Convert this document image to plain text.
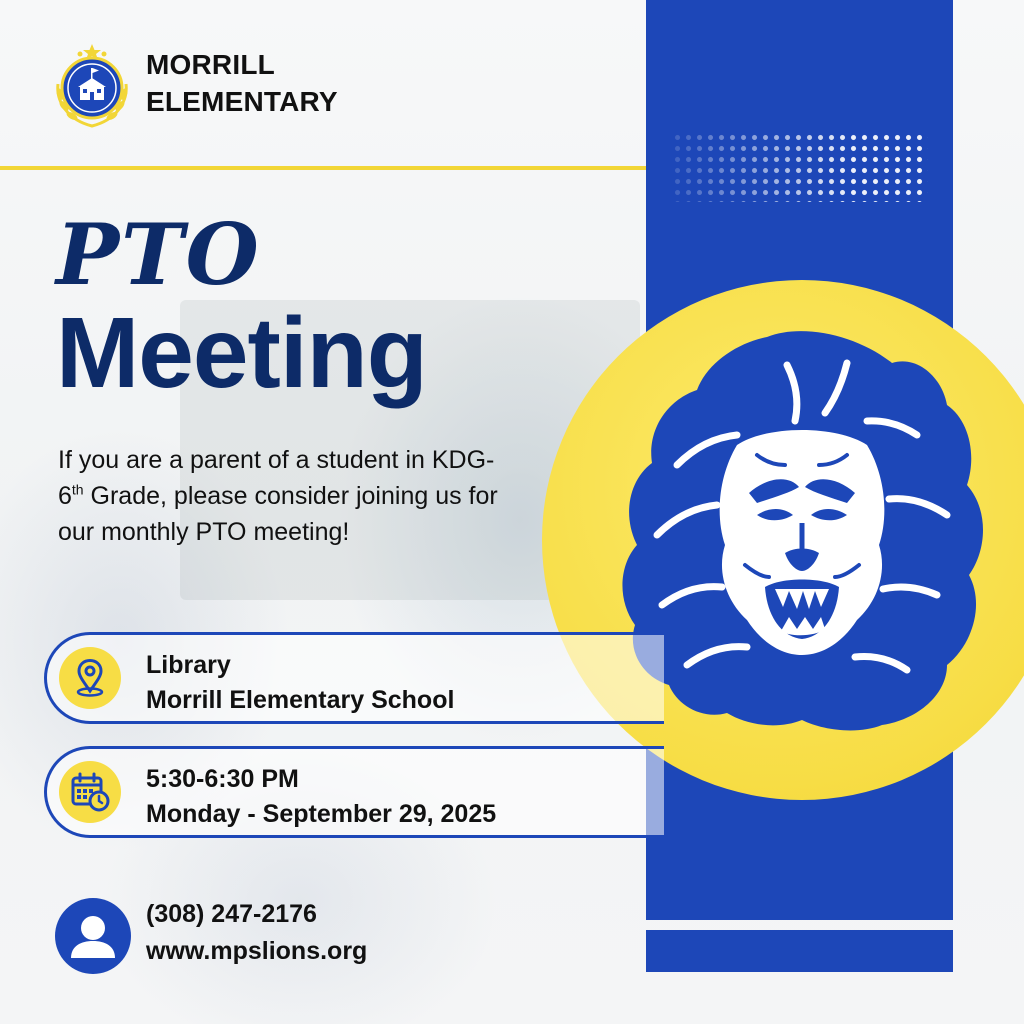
MORRILL
ELEMENTARY
PTO
Meeting

If you are a parent of a student in KDG-6th Grade, please consider joining us for our monthly PTO meeting!

Library
Morrill Elementary School

5:30-6:30 PM
Monday - September 29, 2025

(308) 247-2176
www.mpslions.org
